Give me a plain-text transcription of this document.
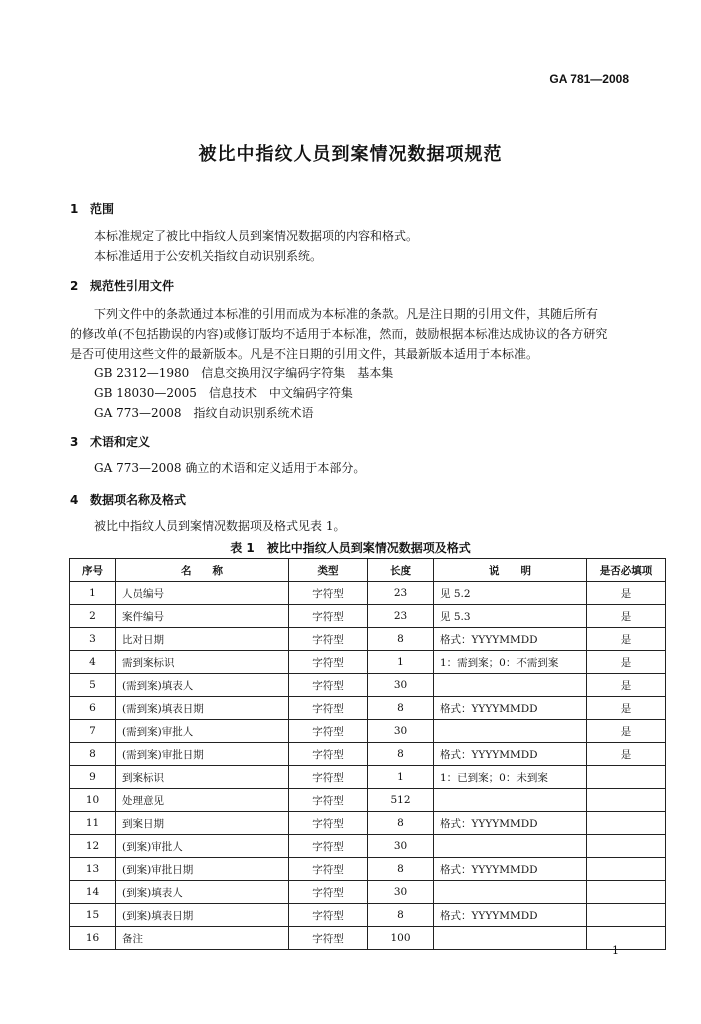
GA 781—2008
被比中指纹人员到案情况数据项规范
1 范围
本标准规定了被比中指纹人员到案情况数据项的内容和格式。
本标准适用于公安机关指纹自动识别系统。
2 规范性引用文件
下列文件中的条款通过本标准的引用而成为本标准的条款。凡是注日期的引用文件，其随后所有
的修改单(不包括勘误的内容)或修订版均不适用于本标准，然而，鼓励根据本标准达成协议的各方研究
是否可使用这些文件的最新版本。凡是不注日期的引用文件，其最新版本适用于本标准。
GB 2312—1980　信息交换用汉字编码字符集　基本集
GB 18030—2005　信息技术　中文编码字符集
GA 773—2008　指纹自动识别系统术语
3 术语和定义
GA 773—2008 确立的术语和定义适用于本部分。
4 数据项名称及格式
被比中指纹人员到案情况数据项及格式见表 1。
表 1　被比中指纹人员到案情况数据项及格式
序号	名　　称	类型	长度	说　　明	是否必填项
1	人员编号	字符型	23	见 5.2	是
2	案件编号	字符型	23	见 5.3	是
3	比对日期	字符型	8	格式：YYYYMMDD	是
4	需到案标识	字符型	1	1：需到案；0：不需到案	是
5	(需到案)填表人	字符型	30		是
6	(需到案)填表日期	字符型	8	格式：YYYYMMDD	是
7	(需到案)审批人	字符型	30		是
8	(需到案)审批日期	字符型	8	格式：YYYYMMDD	是
9	到案标识	字符型	1	1：已到案；0：未到案	
10	处理意见	字符型	512		
11	到案日期	字符型	8	格式：YYYYMMDD	
12	(到案)审批人	字符型	30		
13	(到案)审批日期	字符型	8	格式：YYYYMMDD	
14	(到案)填表人	字符型	30		
15	(到案)填表日期	字符型	8	格式：YYYYMMDD	
16	备注	字符型	100		
1
